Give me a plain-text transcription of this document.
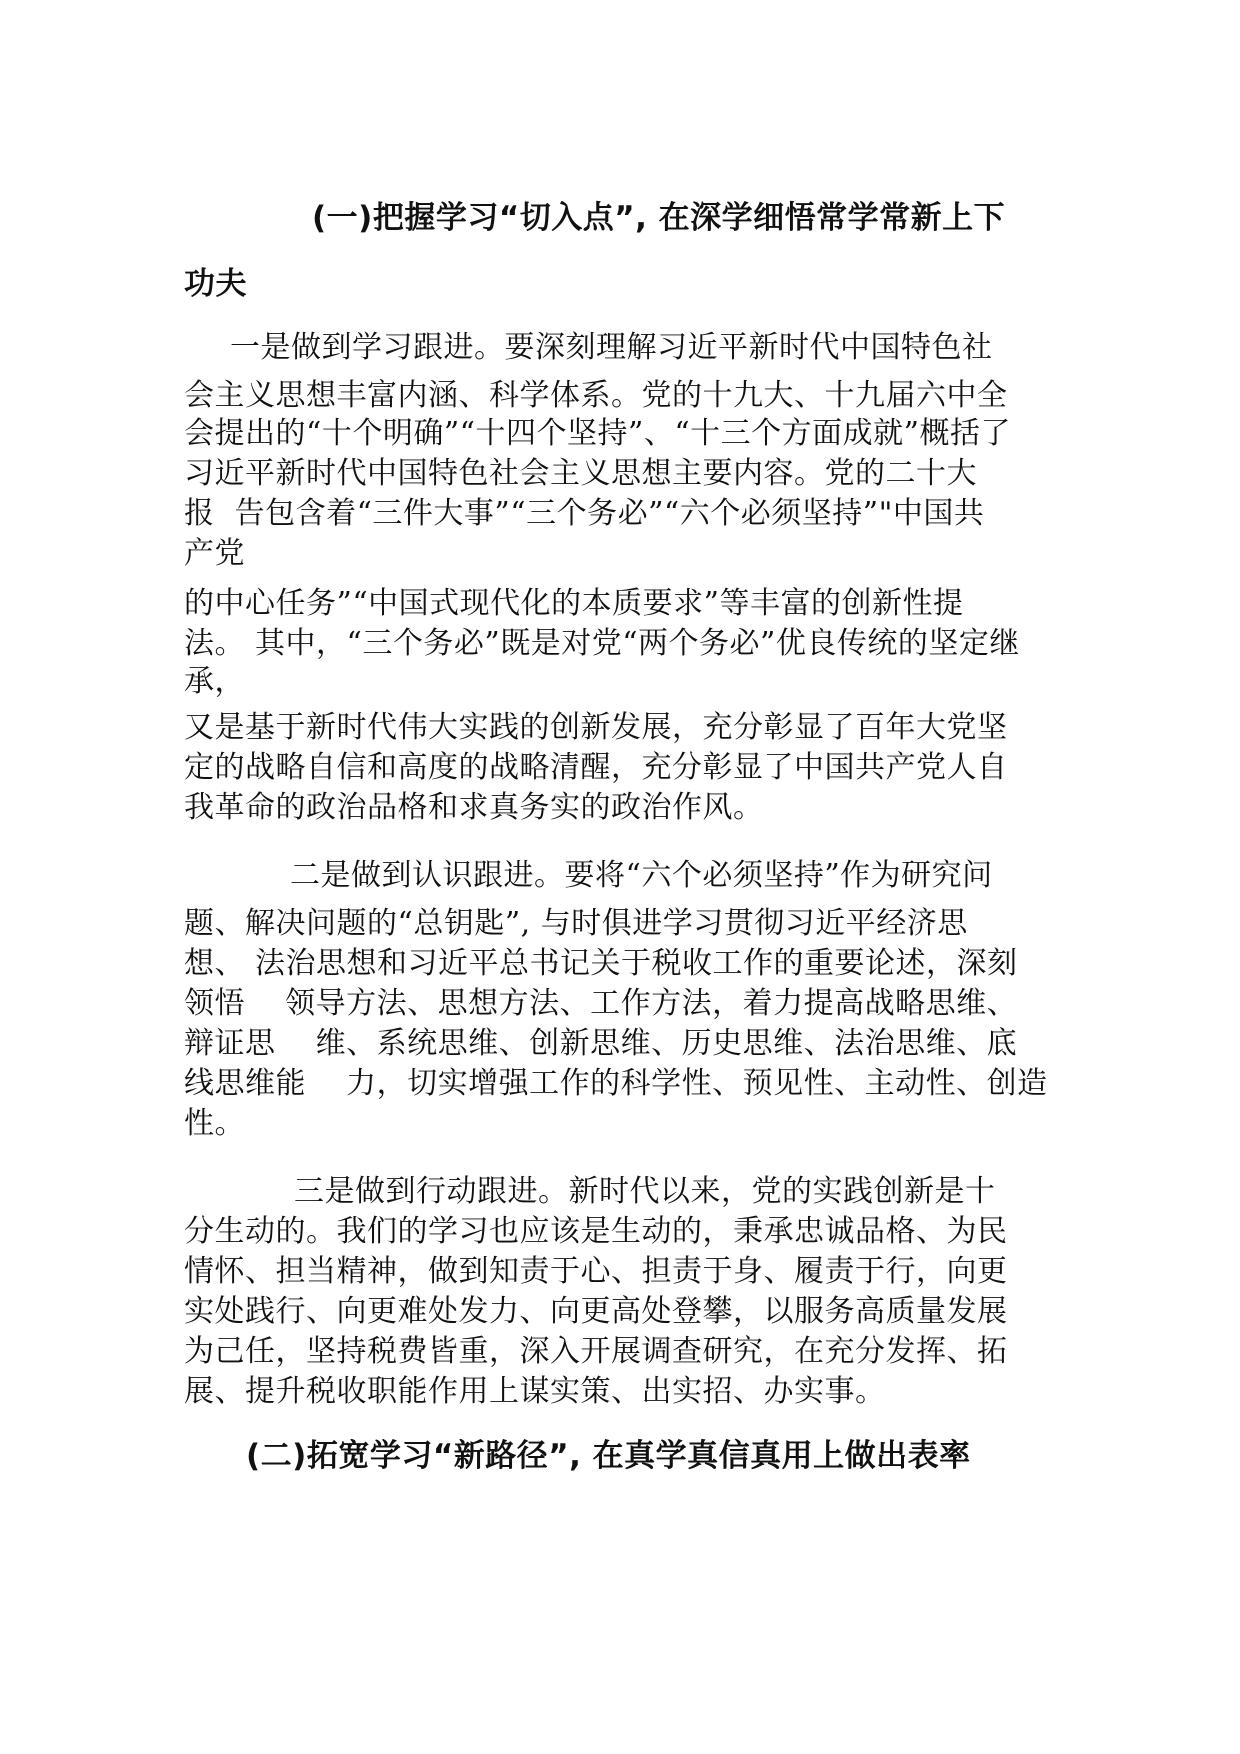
(一)把握学习“切入点”, 在深学细悟常学常新上下
功夫
一是做到学习跟进。要深刻理解习近平新时代中国特色社
会主义思想丰富内涵、科学体系。党的十九大、十九届六中全
会提出的“十个明确”“十四个坚持”、“十三个方面成就”概括了
习近平新时代中国特色社会主义思想主要内容。党的二十大
报  告包含着“三件大事”“三个务必”“六个必须坚持”"中国共
产党
的中心任务”“中国式现代化的本质要求”等丰富的创新性提
法。 其中，“三个务必”既是对党“两个务必”优良传统的坚定继
承，
又是基于新时代伟大实践的创新发展，充分彰显了百年大党坚
定的战略自信和高度的战略清醒，充分彰显了中国共产党人自
我革命的政治品格和求真务实的政治作风。
二是做到认识跟进。要将“六个必须坚持”作为研究问
题、解决问题的“总钥匙”, 与时俱进学习贯彻习近平经济思
想、 法治思想和习近平总书记关于税收工作的重要论述，深刻
领悟    领导方法、思想方法、工作方法，着力提高战略思维、
辩证思    维、系统思维、创新思维、历史思维、法治思维、底
线思维能    力，切实增强工作的科学性、预见性、主动性、创造
性。
三是做到行动跟进。新时代以来，党的实践创新是十
分生动的。我们的学习也应该是生动的，秉承忠诚品格、为民
情怀、担当精神，做到知责于心、担责于身、履责于行，向更
实处践行、向更难处发力、向更高处登攀，以服务高质量发展
为己任，坚持税费皆重，深入开展调查研究，在充分发挥、拓
展、提升税收职能作用上谋实策、出实招、办实事。
(二)拓宽学习“新路径”, 在真学真信真用上做出表率
